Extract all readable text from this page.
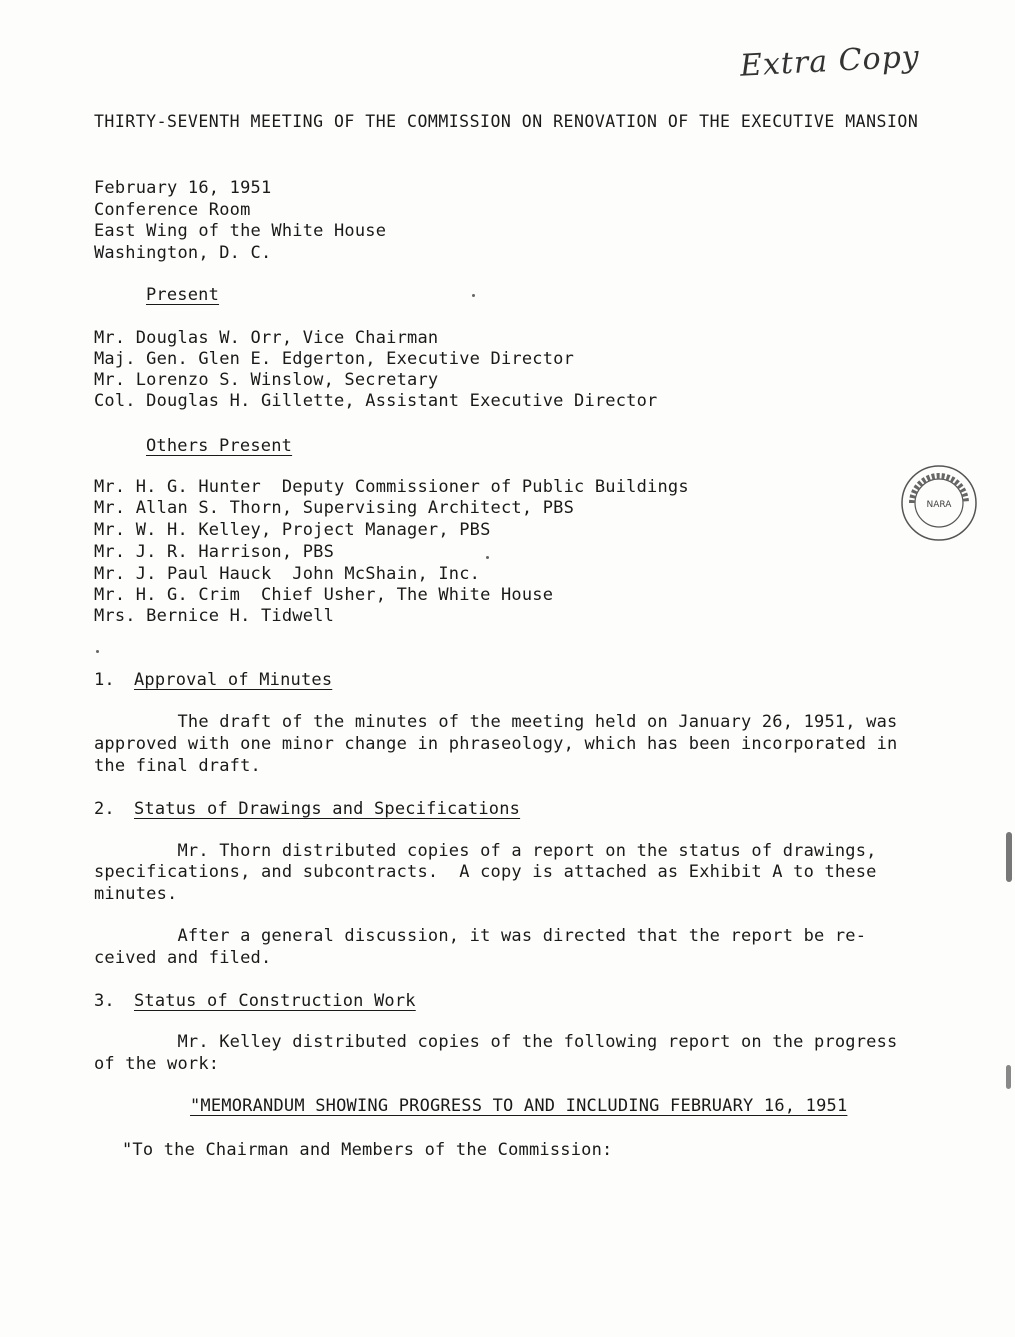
Extra Copy
THIRTY-SEVENTH MEETING OF THE COMMISSION ON RENOVATION OF THE EXECUTIVE MANSION
February 16, 1951
Conference Room
East Wing of the White House
Washington, D. C.
Present
Mr. Douglas W. Orr, Vice Chairman
Maj. Gen. Glen E. Edgerton, Executive Director
Mr. Lorenzo S. Winslow, Secretary
Col. Douglas H. Gillette, Assistant Executive Director
Others Present
Mr. H. G. Hunter  Deputy Commissioner of Public Buildings
Mr. Allan S. Thorn, Supervising Architect, PBS
Mr. W. H. Kelley, Project Manager, PBS
Mr. J. R. Harrison, PBS
Mr. J. Paul Hauck  John McShain, Inc.
Mr. H. G. Crim  Chief Usher, The White House
Mrs. Bernice H. Tidwell
1. Approval of Minutes
The draft of the minutes of the meeting held on January 26, 1951, was
approved with one minor change in phraseology, which has been incorporated in
the final draft.
2. Status of Drawings and Specifications
Mr. Thorn distributed copies of a report on the status of drawings,
specifications, and subcontracts.  A copy is attached as Exhibit A to these
minutes.
After a general discussion, it was directed that the report be re-
ceived and filed.
3. Status of Construction Work
Mr. Kelley distributed copies of the following report on the progress
of the work:
"MEMORANDUM SHOWING PROGRESS TO AND INCLUDING FEBRUARY 16, 1951
"To the Chairman and Members of the Commission:
NARA
